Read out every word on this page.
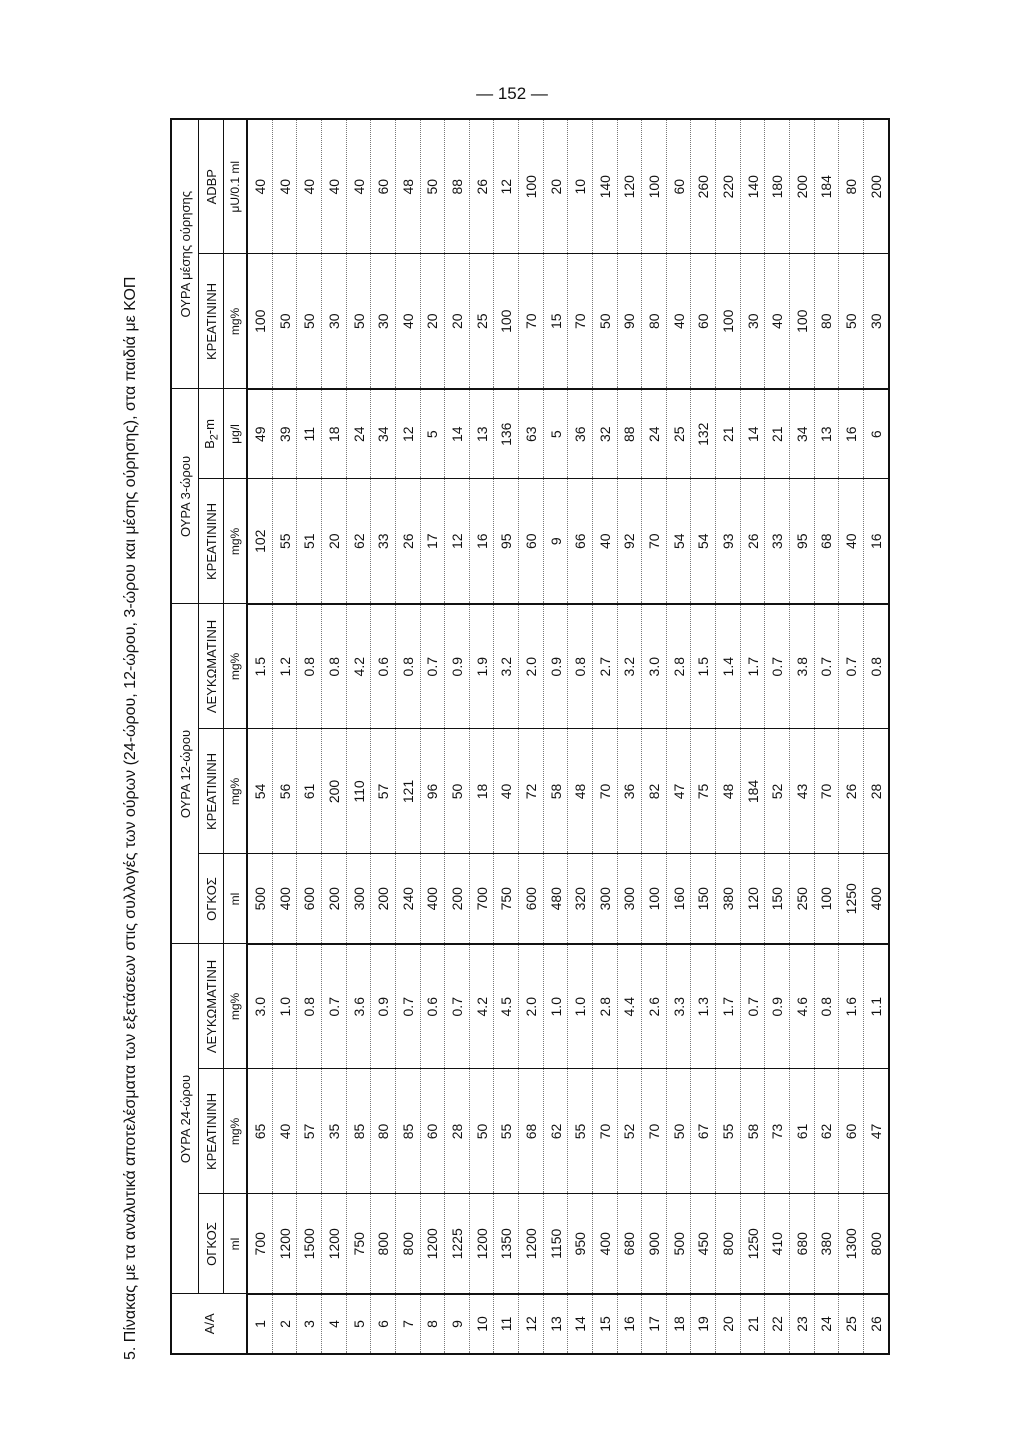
— 152 —
5. Πίνακας με τα αναλυτικά αποτελέσματα των εξετάσεων στις συλλογές των ούρων (24-ώρου, 12-ώρου, 3-ώρου και μέσης ούρησης), στα παιδιά με ΚΟΠ	Α/Α	ΟΥΡΑ 24-ώρου			ΟΥΡΑ 12-ώρου			ΟΥΡΑ 3-ώρου		ΟΥΡΑ μέσης ούρησης	
	ΟΓΚΟΣ	ΚΡΕΑΤΙΝΙΝΗ	ΛΕΥΚΩΜΑΤΙΝΗ	ΟΓΚΟΣ	ΚΡΕΑΤΙΝΙΝΗ	ΛΕΥΚΩΜΑΤΙΝΗ	ΚΡΕΑΤΙΝΙΝΗ	$B_2-m$	ΚΡΕΑΤΙΝΙΝΗ	ADBP
	ml	mg%	mg%	ml	mg%	mg%	mg%	μg/l	mg%	μU/0.1 ml
1	700	65	3.0	500	54	1.5	102	49	100	40
2	1200	40	1.0	400	56	1.2	55	39	50	40
3	1500	57	0.8	600	61	0.8	51	11	50	40
4	1200	35	0.7	200	200	0.8	20	18	30	40
5	750	85	3.6	300	110	4.2	62	24	50	40
6	800	80	0.9	200	57	0.6	33	34	30	60
7	800	85	0.7	240	121	0.8	26	12	40	48
8	1200	60	0.6	400	96	0.7	17	5	20	50
9	1225	28	0.7	200	50	0.9	12	14	20	88
10	1200	50	4.2	700	18	1.9	16	13	25	26
11	1350	55	4.5	750	40	3.2	95	136	100	12
12	1200	68	2.0	600	72	2.0	60	63	70	100
13	1150	62	1.0	480	58	0.9	9	5	15	20
14	950	55	1.0	320	48	0.8	66	36	70	10
15	400	70	2.8	300	70	2.7	40	32	50	140
16	680	52	4.4	300	36	3.2	92	88	90	120
17	900	70	2.6	100	82	3.0	70	24	80	100
18	500	50	3.3	160	47	2.8	54	25	40	60
19	450	67	1.3	150	75	1.5	54	132	60	260
20	800	55	1.7	380	48	1.4	93	21	100	220
21	1250	58	0.7	120	184	1.7	26	14	30	140
22	410	73	0.9	150	52	0.7	33	21	40	180
23	680	61	4.6	250	43	3.8	95	34	100	200
24	380	62	0.8	100	70	0.7	68	13	80	184
25	1300	60	1.6	1250	26	0.7	40	16	50	80
26	800	47	1.1	400	28	0.8	16	6	30	200
